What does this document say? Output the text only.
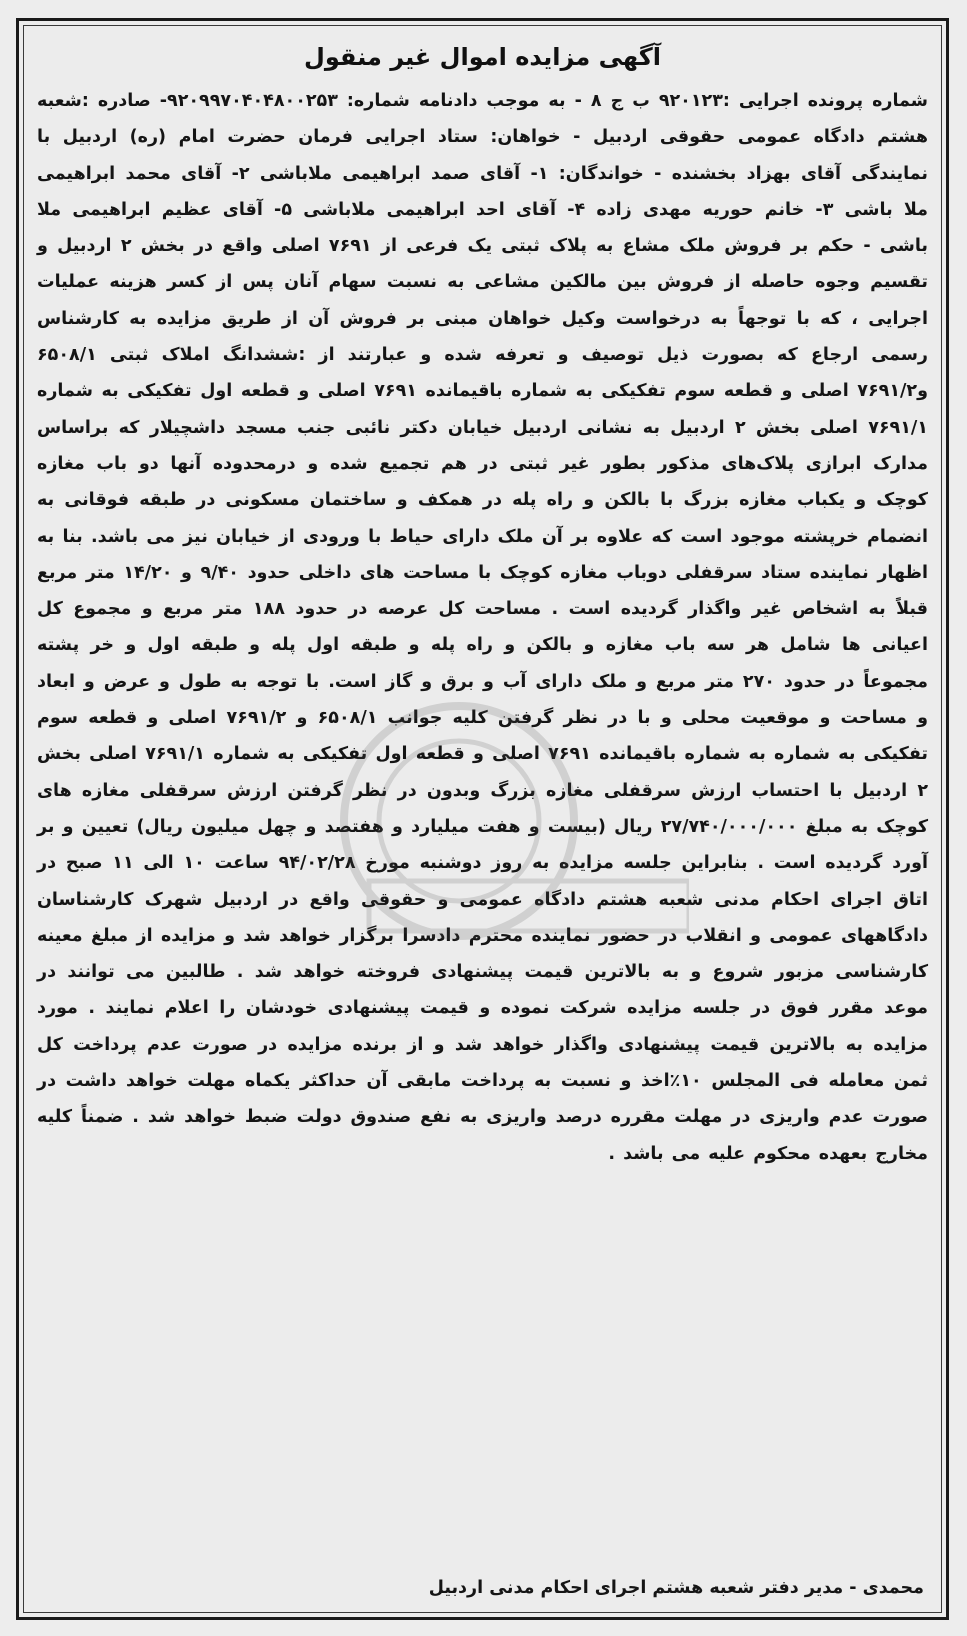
آگهی مزایده اموال غیر منقول

شماره پرونده اجرایی :۹۲۰۱۲۳ ب ج ۸ - به موجب دادنامه شماره: ۹۲۰۹۹۷۰۴۰۴۸۰۰۲۵۳- صادره :شعبه هشتم دادگاه عمومی حقوقی اردبیل - خواهان: ستاد اجرایی فرمان حضرت امام (ره) اردبیل با نمایندگی آقای بهزاد بخشنده - خواندگان: ۱- آقای صمد ابراهیمی ملاباشی ۲- آقای محمد ابراهیمی ملا باشی ۳- خانم حوریه مهدی زاده ۴- آقای احد ابراهیمی ملاباشی ۵- آقای عظیم ابراهیمی ملا باشی - حکم بر فروش ملک مشاع به پلاک ثبتی یک فرعی از ۷۶۹۱ اصلی واقع در بخش ۲ اردبیل و تقسیم وجوه حاصله از فروش بین مالکین مشاعی به نسبت سهام آنان پس از کسر هزینه عملیات اجرایی ، که با توجهاً به درخواست وکیل خواهان مبنی بر فروش آن از طریق مزایده به کارشناس رسمی ارجاع که بصورت ذیل توصیف و تعرفه شده و عبارتند از :ششدانگ املاک ثبتی ۶۵۰۸/۱ و۷۶۹۱/۲ اصلی و قطعه سوم تفکیکی به شماره باقیمانده ۷۶۹۱ اصلی و قطعه اول تفکیکی به شماره ۷۶۹۱/۱ اصلی بخش ۲ اردبیل به نشانی اردبیل خیابان دکتر نائبی جنب مسجد داشچیلار که براساس مدارک ابرازی پلاک‌های مذکور بطور غیر ثبتی در هم تجمیع شده و درمحدوده آنها دو باب مغازه کوچک و یکباب مغازه بزرگ با بالکن و راه پله در همکف و ساختمان مسکونی در طبقه فوقانی به انضمام خرپشته موجود است که علاوه بر آن ملک دارای حیاط با ورودی از خیابان نیز می باشد. بنا به اظهار نماینده ستاد سرقفلی دوباب مغازه کوچک با مساحت های داخلی حدود ۹/۴۰ و ۱۴/۲۰ متر مربع قبلاً به اشخاص غیر واگذار گردیده است . مساحت کل عرصه در حدود ۱۸۸ متر مربع و مجموع کل اعیانی ها شامل هر سه باب مغازه و بالکن و راه پله و طبقه اول پله و طبقه اول و خر پشته مجموعاً در حدود ۲۷۰ متر مربع و ملک دارای آب و برق و گاز است. با توجه به طول و عرض و ابعاد و مساحت و موقعیت محلی و با در نظر گرفتن کلیه جوانب ۶۵۰۸/۱ و ۷۶۹۱/۲ اصلی و قطعه سوم تفکیکی به شماره به شماره باقیمانده ۷۶۹۱ اصلی و قطعه اول تفکیکی به شماره ۷۶۹۱/۱ اصلی بخش ۲ اردبیل با احتساب ارزش سرقفلی مغازه بزرگ وبدون در نظر گرفتن ارزش سرقفلی مغازه های کوچک به مبلغ ۲۷/۷۴۰/۰۰۰/۰۰۰ ریال (بیست و هفت میلیارد و هفتصد و چهل میلیون ریال) تعیین و بر آورد گردیده است . بنابراین جلسه مزایده به روز دوشنبه مورخ ۹۴/۰۲/۲۸ ساعت ۱۰ الی ۱۱ صبح در اتاق اجرای احکام مدنی شعبه هشتم دادگاه عمومی و حقوقی واقع در اردبیل شهرک کارشناسان دادگاههای عمومی و انقلاب در حضور نماینده محترم دادسرا برگزار خواهد شد و مزایده از مبلغ معینه کارشناسی مزبور شروع و به بالاترین قیمت پیشنهادی فروخته خواهد شد . طالبین می توانند در موعد مقرر فوق در جلسه مزایده شرکت نموده و قیمت پیشنهادی خودشان را اعلام نمایند . مورد مزایده به بالاترین قیمت پیشنهادی واگذار خواهد شد و از برنده مزایده در صورت عدم پرداخت کل ثمن معامله فی المجلس ۱۰٪اخذ و نسبت به پرداخت مابقی آن حداکثر یکماه مهلت خواهد داشت در صورت عدم واریزی در مهلت مقرره درصد واریزی به نفع صندوق دولت ضبط خواهد شد . ضمناً کلیه مخارج بعهده محکوم علیه می باشد .

محمدی - مدیر دفتر شعبه هشتم اجرای احکام مدنی اردبیل
